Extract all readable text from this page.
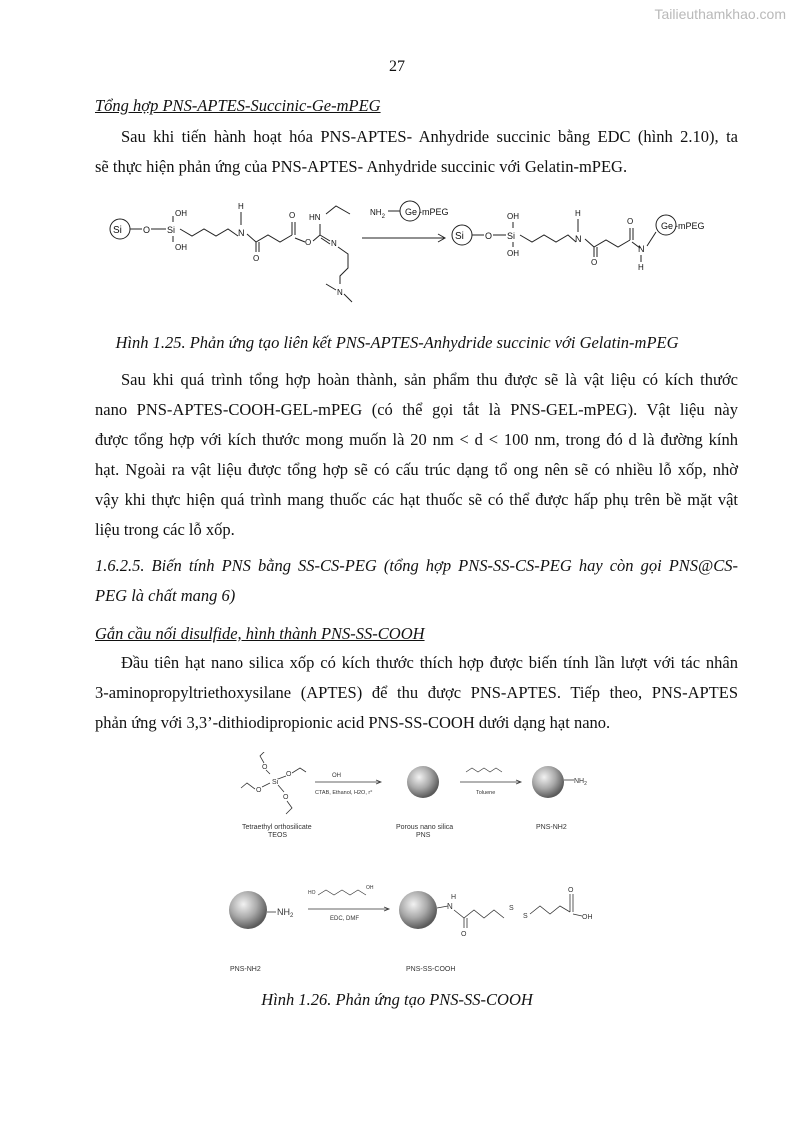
Tailieuthamkhao.com
27
Tổng hợp PNS-APTES-Succinic-Ge-mPEG
Sau khi tiến hành hoạt hóa PNS-APTES- Anhydride succinic bằng EDC (hình 2.10), ta
sẽ thực hiện phản ứng của PNS-APTES- Anhydride succinic với Gelatin-mPEG.
Si O Si
OH
OH
N
H
O
O
O
HN
N
N
$NH_2$ Ge -mPEG
Si O Si
OH
OH
N
H
O
O
N
H
Ge -mPEG
Hình 1.25. Phản ứng tạo liên kết PNS-APTES-Anhydride succinic với Gelatin-mPEG
Sau khi quá trình tổng hợp hoàn thành, sản phẩm thu được sẽ là vật liệu có kích thước
nano PNS-APTES-COOH-GEL-mPEG (có thể gọi tắt là PNS-GEL-mPEG). Vật liệu này
được tổng hợp với kích thước mong muốn là 20 nm < d < 100 nm, trong đó d là đường kính
hạt. Ngoài ra vật liệu được tổng hợp sẽ có cấu trúc dạng tổ ong nên sẽ có nhiều lỗ xốp, nhờ
vậy khi thực hiện quá trình mang thuốc các hạt thuốc sẽ có thể được hấp phụ trên bề mặt vật
liệu trong các lỗ xốp.
1.6.2.5. Biến tính PNS bằng SS-CS-PEG (tổng hợp PNS-SS-CS-PEG hay còn gọi PNS@CS-
PEG là chất mang 6)
Gắn cầu nối disulfide, hình thành PNS-SS-COOH
Đầu tiên hạt nano silica xốp có kích thước thích hợp được biến tính lần lượt với tác nhân
3-aminopropyltriethoxysilane (APTES) để thu được PNS-APTES. Tiếp theo, PNS-APTES
phản ứng với 3,3’-dithiodipropionic acid PNS-SS-COOH dưới dạng hạt nano.
Si
O
O
O
O
Tetraethyl orthosilicate
TEOS
OH
CTAB, Ethanol, H2O, r°
Porous nano silica
PNS
Toluene
$NH_2$
PNS-NH2
$NH_2$
PNS-NH2
HO
OH
EDC, DMF
N
H
O
S
S
O
OH
PNS-SS-COOH
Hình 1.26. Phản ứng tạo PNS-SS-COOH
